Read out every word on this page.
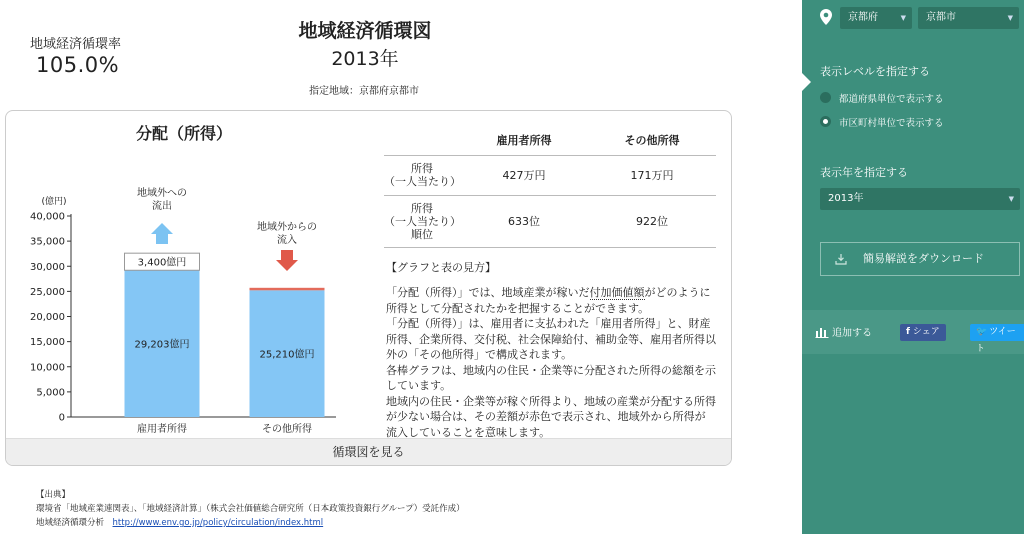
地域経済循環率
105.0%
地域経済循環図
2013年
指定地域：京都府京都市
(億円)
0
5,000
10,000
15,000
20,000
25,000
30,000
35,000
40,000
29,203億円
3,400億円
雇用者所得
25,210億円
その他所得
地域外への
流出
地域外からの
流入
分配（所得）
		雇用者所得	その他所得

所得
（一人当たり）	427万円	171万円

所得
（一人当たり）
順位	633位	922位
【グラフと表の見方】

「分配（所得）」では、地域産業が稼いだ付加価値額がどのように所得として分配されたかを把握することができます。

「分配（所得）」は、雇用者に支払われた「雇用者所得」と、財産所得、企業所得、交付税、社会保障給付、補助金等、雇用者所得以外の「その他所得」で構成されます。

各棒グラフは、地域内の住民・企業等に分配された所得の総額を示しています。

地域内の住民・企業等が稼ぐ所得より、地域の産業が分配する所得が少ない場合は、その差額が赤色で表示され、地域外から所得が流入していることを意味します。

循環図を見る
【出典】
環境省「地域産業連関表」、「地域経済計算」（株式会社価値総合研究所（日本政策投資銀行グループ）受託作成）
地域経済循環分析　 http://www.env.go.jp/policy/circulation/index.html
京都府	▼	京都市	▼
表示レベルを指定する
都道府県単位で表示する
市区町村単位で表示する
表示年を指定する
2013年	▼
簡易解説をダウンロード
追加する	f シェア	🐦 ツイート
